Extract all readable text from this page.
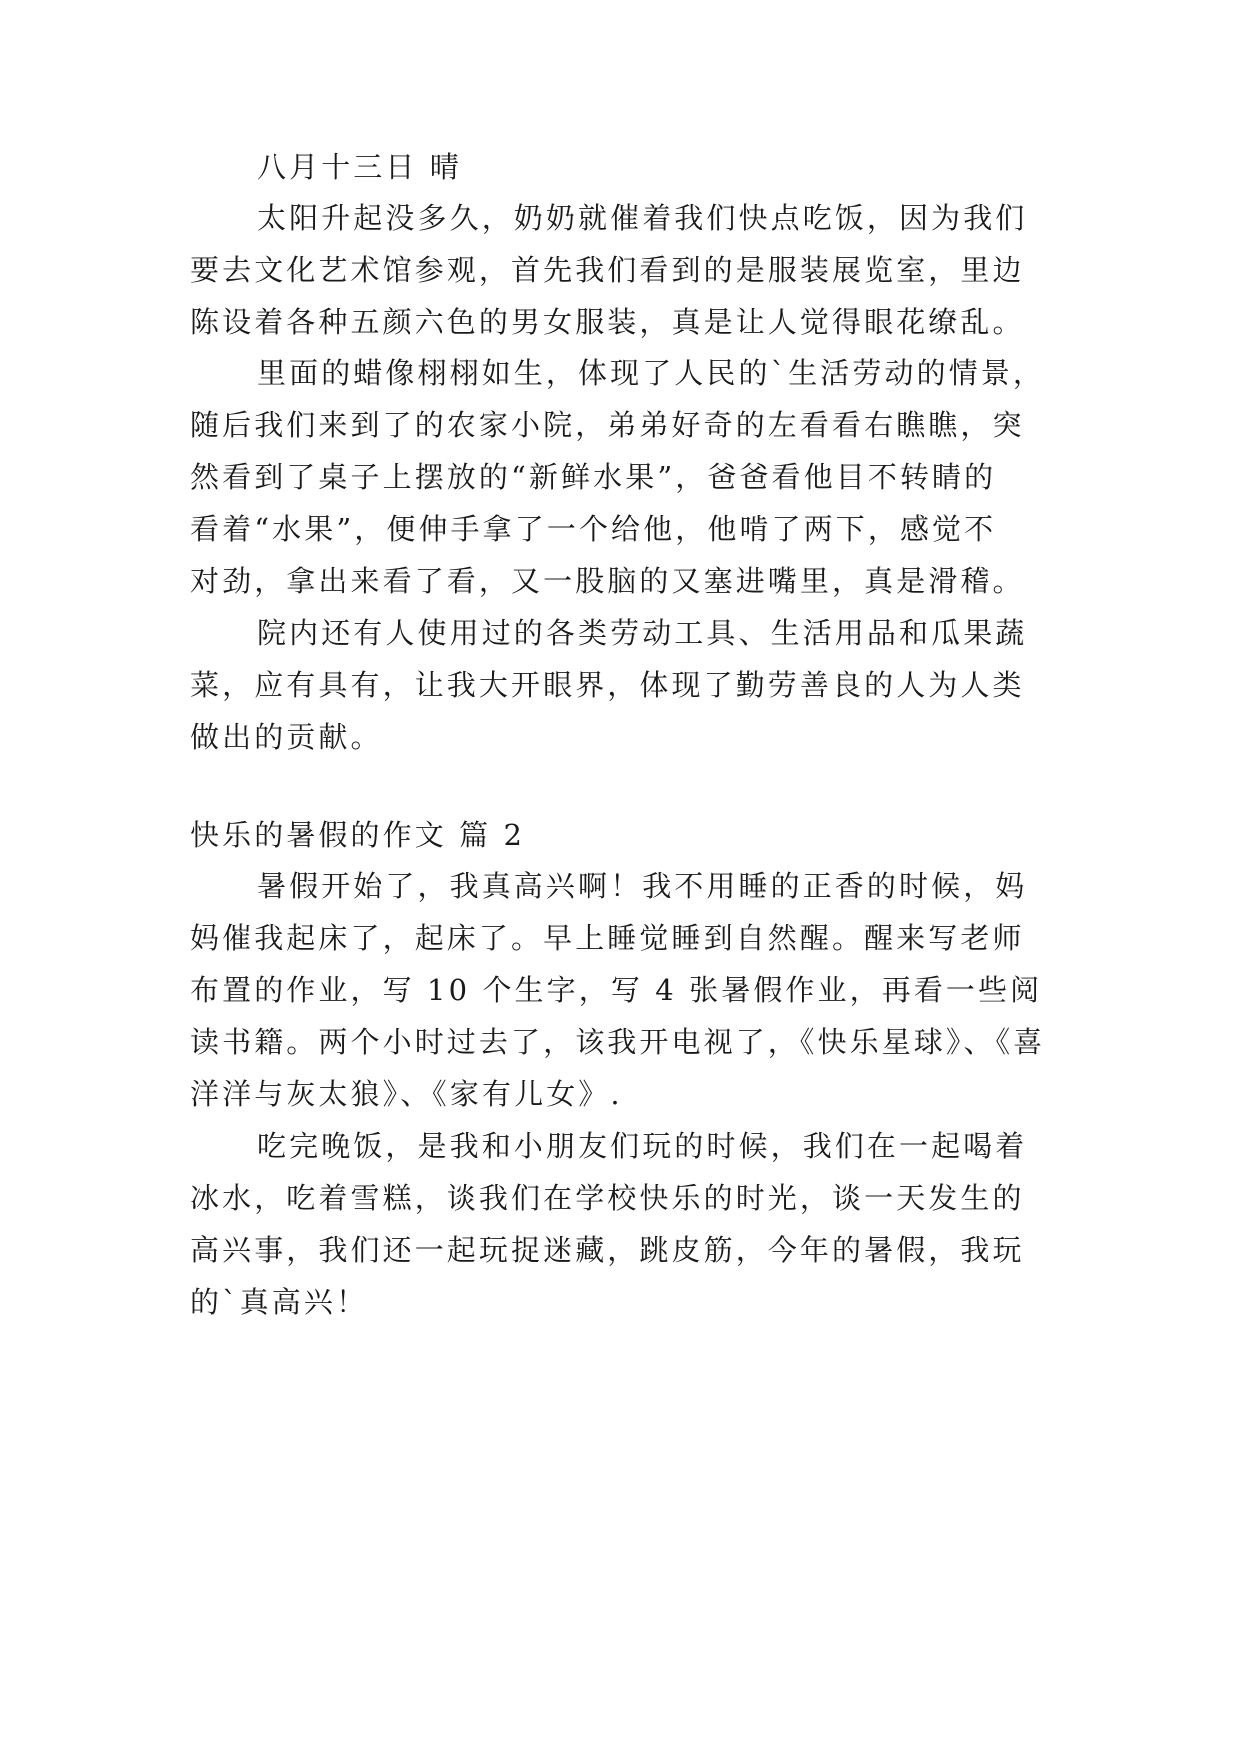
八月十三日 晴
太阳升起没多久，奶奶就催着我们快点吃饭，因为我们
要去文化艺术馆参观，首先我们看到的是服装展览室，里边
陈设着各种五颜六色的男女服装，真是让人觉得眼花缭乱。
里面的蜡像栩栩如生，体现了人民的`生活劳动的情景，
随后我们来到了的农家小院，弟弟好奇的左看看右瞧瞧，突
然看到了桌子上摆放的“新鲜水果”，爸爸看他目不转睛的
看着“水果”，便伸手拿了一个给他，他啃了两下，感觉不
对劲，拿出来看了看，又一股脑的又塞进嘴里，真是滑稽。
院内还有人使用过的各类劳动工具、生活用品和瓜果蔬
菜，应有具有，让我大开眼界，体现了勤劳善良的人为人类
做出的贡献。
快乐的暑假的作文 篇 2
暑假开始了，我真高兴啊！我不用睡的正香的时候，妈
妈催我起床了，起床了。早上睡觉睡到自然醒。醒来写老师
布置的作业，写 10 个生字，写 4 张暑假作业，再看一些阅
读书籍。两个小时过去了，该我开电视了，《快乐星球》、《喜
洋洋与灰太狼》、《家有儿女》.
吃完晚饭，是我和小朋友们玩的时候，我们在一起喝着
冰水，吃着雪糕，谈我们在学校快乐的时光，谈一天发生的
高兴事，我们还一起玩捉迷藏，跳皮筋，今年的暑假，我玩
的`真高兴！
